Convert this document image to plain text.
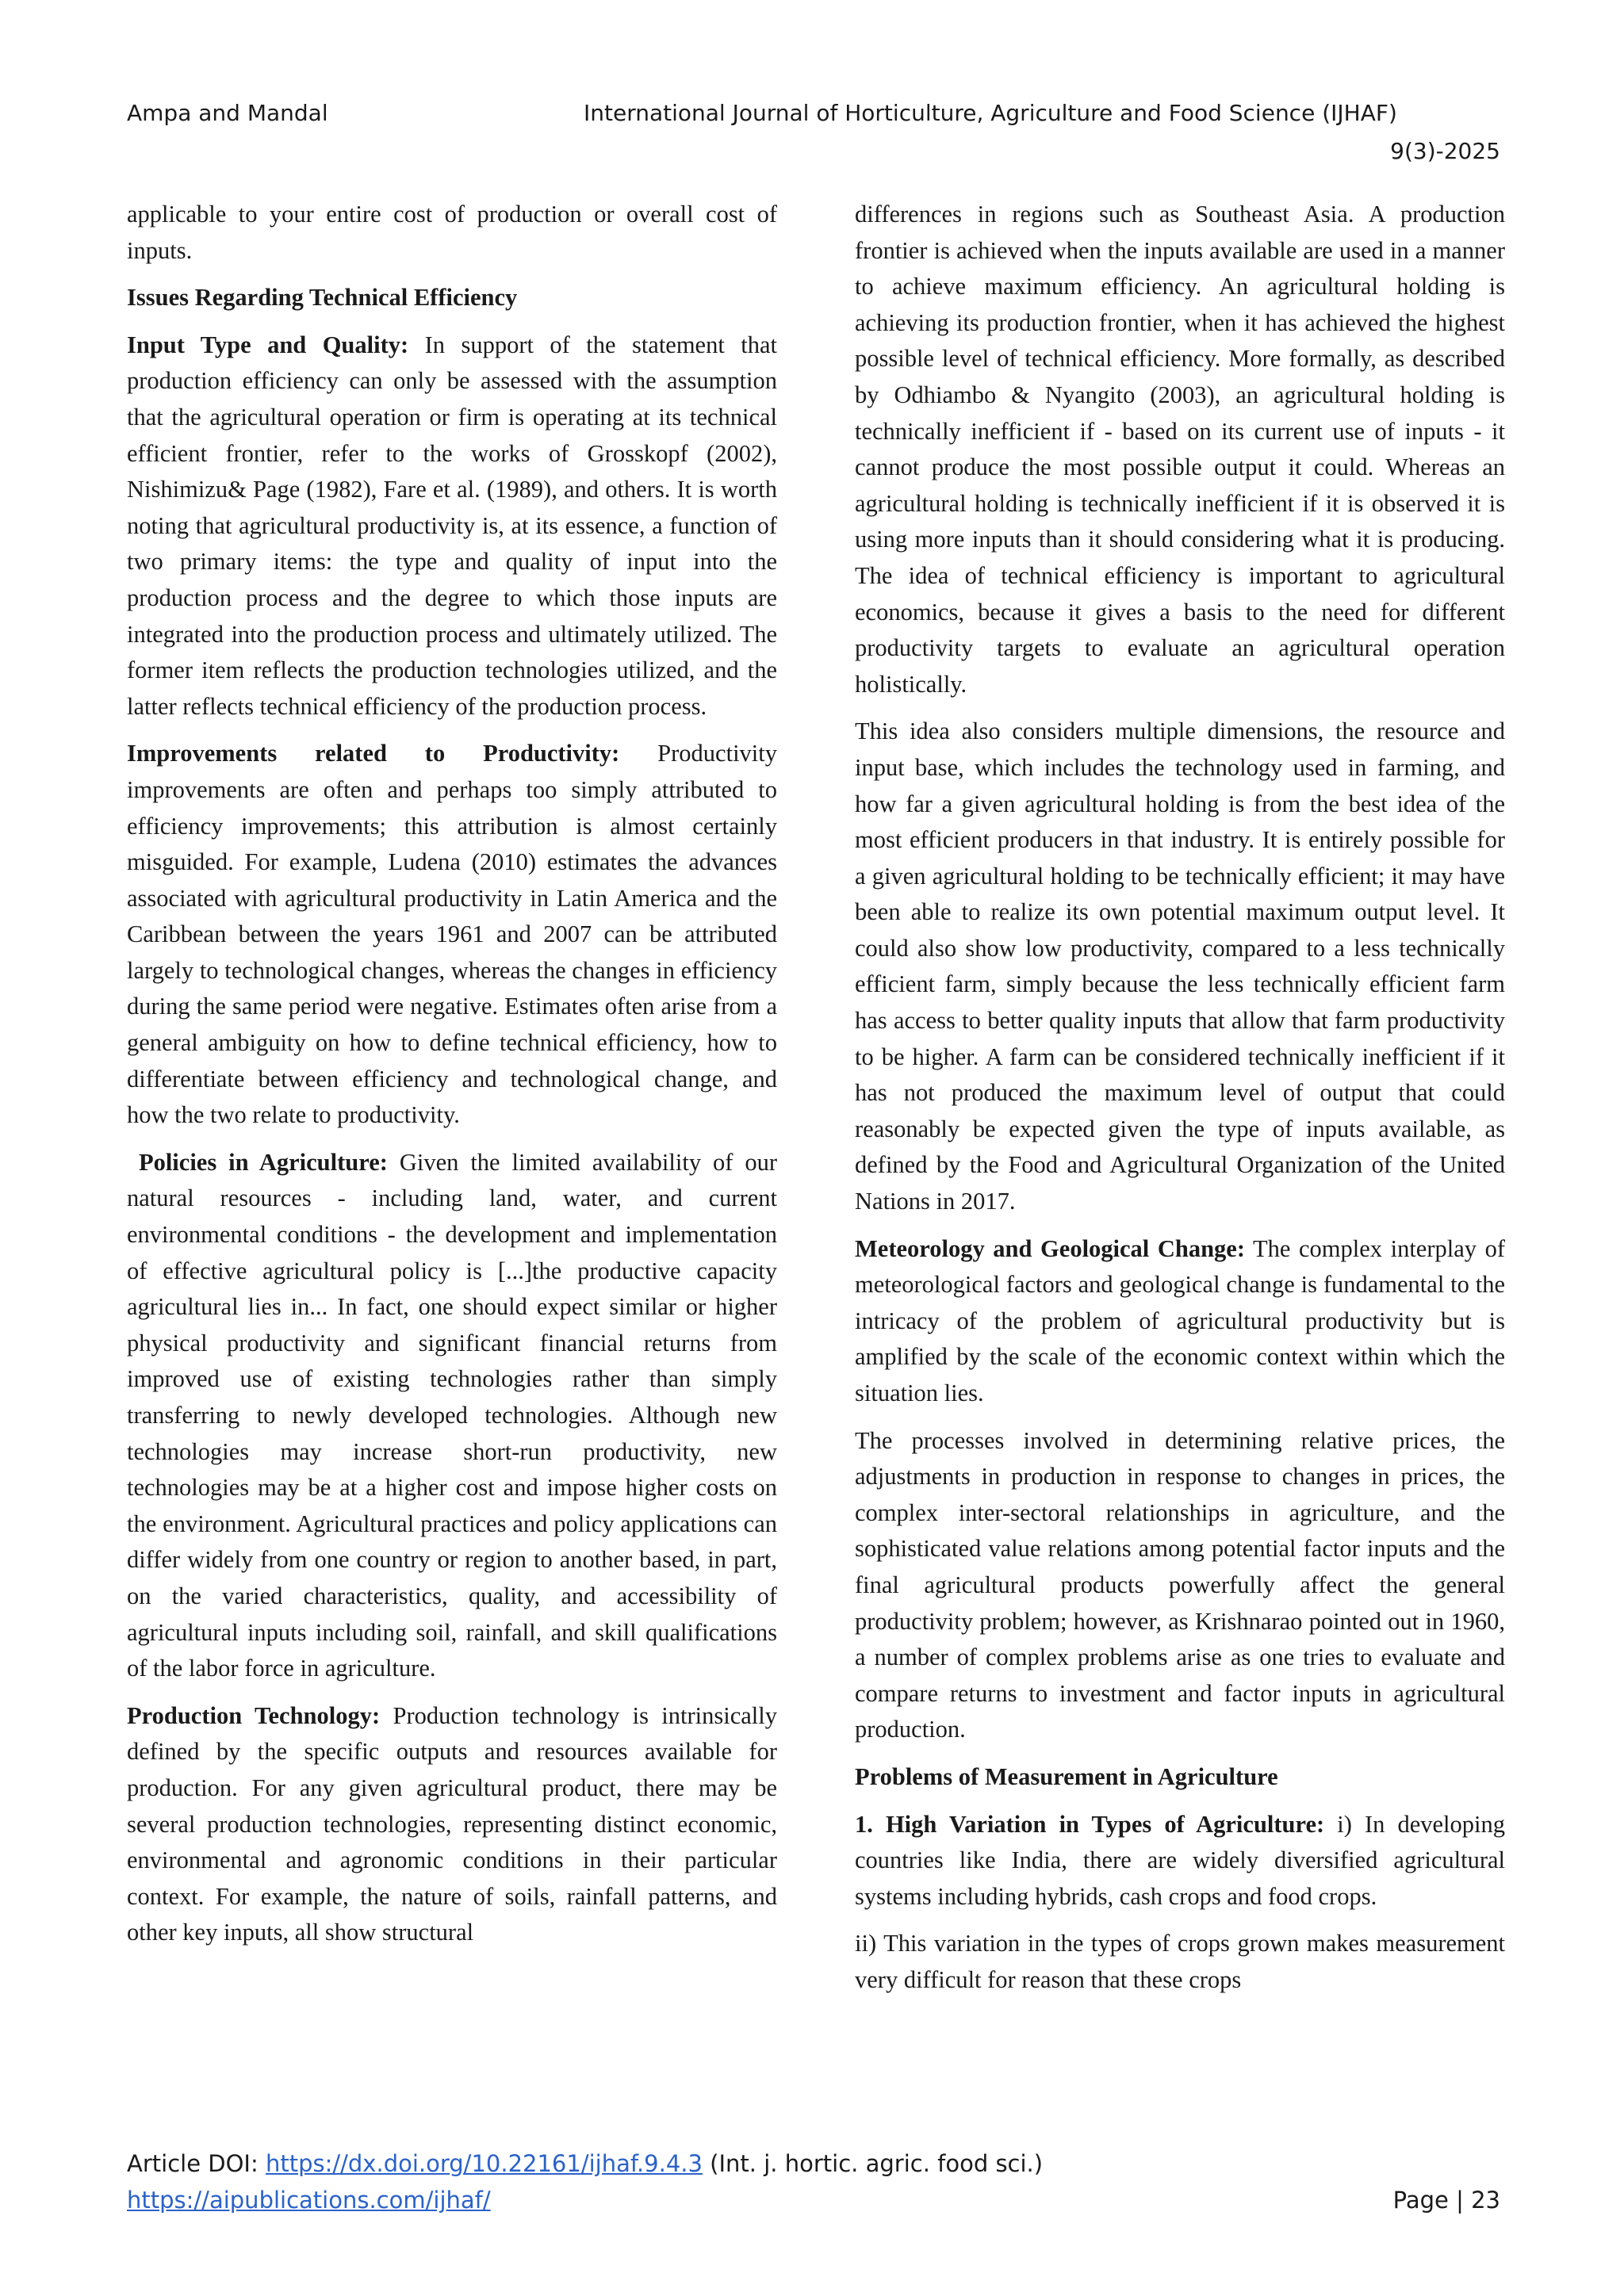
Ampa and Mandal	International Journal of Horticulture, Agriculture and Food Science (IJHAF)
9(3)-2025

applicable to your entire cost of production or overall cost of inputs.

Issues Regarding Technical Efficiency

Input Type and Quality: In support of the statement that production efficiency can only be assessed with the assumption that the agricultural operation or firm is operating at its technical efficient frontier, refer to the works of Grosskopf (2002), Nishimizu& Page (1982), Fare et al. (1989), and others. It is worth noting that agricultural productivity is, at its essence, a function of two primary items: the type and quality of input into the production process and the degree to which those inputs are integrated into the production process and ultimately utilized. The former item reflects the production technologies utilized, and the latter reflects technical efficiency of the production process.

Improvements related to Productivity: Productivity improvements are often and perhaps too simply attributed to efficiency improvements; this attribution is almost certainly misguided. For example, Ludena (2010) estimates the advances associated with agricultural productivity in Latin America and the Caribbean between the years 1961 and 2007 can be attributed largely to technological changes, whereas the changes in efficiency during the same period were negative. Estimates often arise from a general ambiguity on how to define technical efficiency, how to differentiate between efficiency and technological change, and how the two relate to productivity.

Policies in Agriculture: Given the limited availability of our natural resources - including land, water, and current environmental conditions - the development and implementation of effective agricultural policy is [...]the productive capacity agricultural lies in... In fact, one should expect similar or higher physical productivity and significant financial returns from improved use of existing technologies rather than simply transferring to newly developed technologies. Although new technologies may increase short-run productivity, new technologies may be at a higher cost and impose higher costs on the environment. Agricultural practices and policy applications can differ widely from one country or region to another based, in part, on the varied characteristics, quality, and accessibility of agricultural inputs including soil, rainfall, and skill qualifications of the labor force in agriculture.

Production Technology: Production technology is intrinsically defined by the specific outputs and resources available for production. For any given agricultural product, there may be several production technologies, representing distinct economic, environmental and agronomic conditions in their particular context. For example, the nature of soils, rainfall patterns, and other key inputs, all show structural

differences in regions such as Southeast Asia. A production frontier is achieved when the inputs available are used in a manner to achieve maximum efficiency. An agricultural holding is achieving its production frontier, when it has achieved the highest possible level of technical efficiency. More formally, as described by Odhiambo & Nyangito (2003), an agricultural holding is technically inefficient if - based on its current use of inputs - it cannot produce the most possible output it could. Whereas an agricultural holding is technically inefficient if it is observed it is using more inputs than it should considering what it is producing. The idea of technical efficiency is important to agricultural economics, because it gives a basis to the need for different productivity targets to evaluate an agricultural operation holistically.

This idea also considers multiple dimensions, the resource and input base, which includes the technology used in farming, and how far a given agricultural holding is from the best idea of the most efficient producers in that industry. It is entirely possible for a given agricultural holding to be technically efficient; it may have been able to realize its own potential maximum output level. It could also show low productivity, compared to a less technically efficient farm, simply because the less technically efficient farm has access to better quality inputs that allow that farm productivity to be higher. A farm can be considered technically inefficient if it has not produced the maximum level of output that could reasonably be expected given the type of inputs available, as defined by the Food and Agricultural Organization of the United Nations in 2017.

Meteorology and Geological Change: The complex interplay of meteorological factors and geological change is fundamental to the intricacy of the problem of agricultural productivity but is amplified by the scale of the economic context within which the situation lies.

The processes involved in determining relative prices, the adjustments in production in response to changes in prices, the complex inter-sectoral relationships in agriculture, and the sophisticated value relations among potential factor inputs and the final agricultural products powerfully affect the general productivity problem; however, as Krishnarao pointed out in 1960, a number of complex problems arise as one tries to evaluate and compare returns to investment and factor inputs in agricultural production.

Problems of Measurement in Agriculture

1. High Variation in Types of Agriculture: i) In developing countries like India, there are widely diversified agricultural systems including hybrids, cash crops and food crops.

ii) This variation in the types of crops grown makes measurement very difficult for reason that these crops

Article DOI: https://dx.doi.org/10.22161/ijhaf.9.4.3 (Int. j. hortic. agric. food sci.)
https://aipublications.com/ijhaf/	Page | 23
